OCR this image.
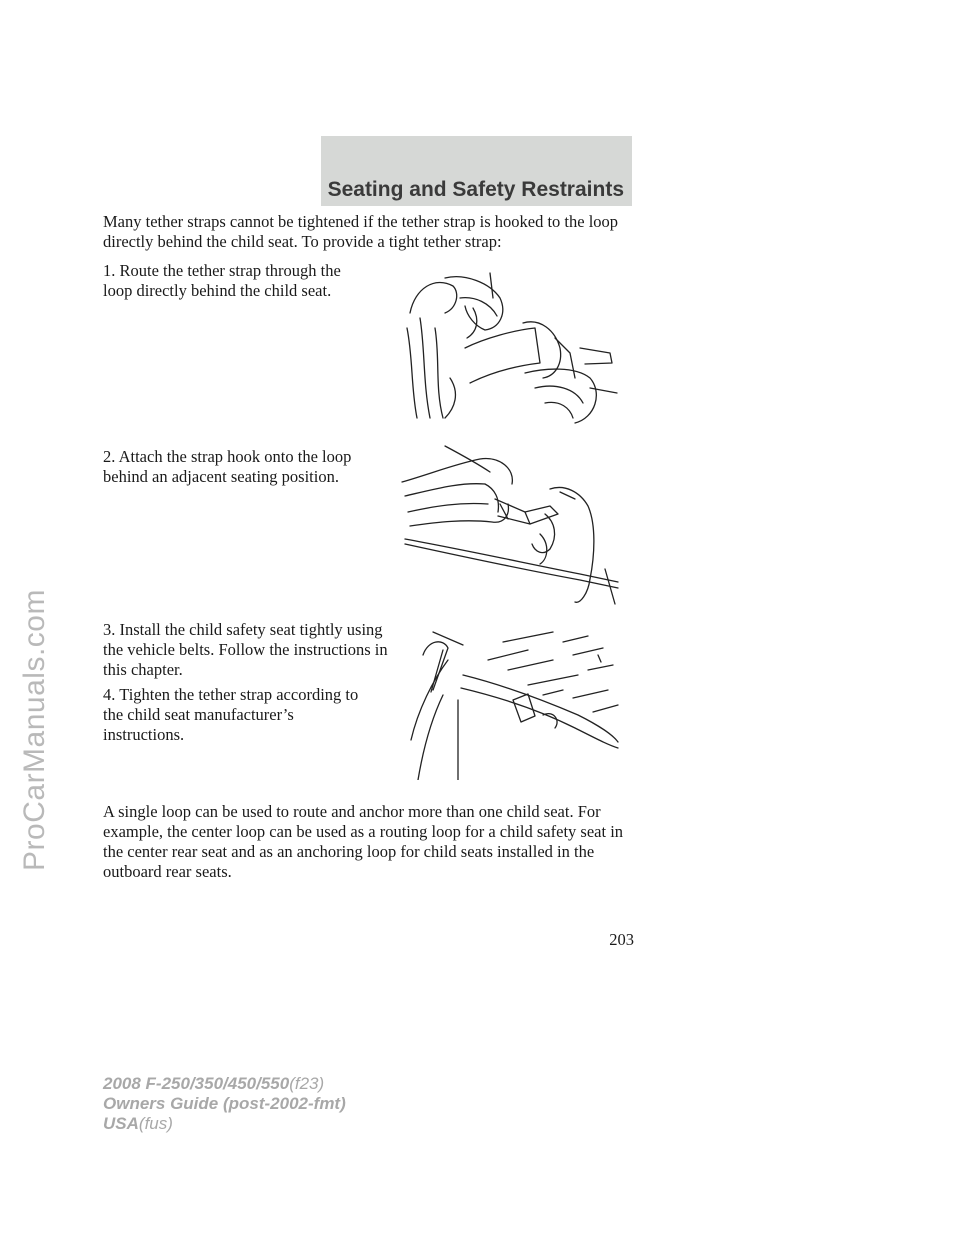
ProCarManuals.com
Seating and Safety Restraints

Many tether straps cannot be tightened if the tether strap is hooked to the loop directly behind the child seat. To provide a tight tether strap:

1. Route the tether strap through the loop directly behind the child seat.

2. Attach the strap hook onto the loop behind an adjacent seating position.

3. Install the child safety seat tightly using the vehicle belts. Follow the instructions in this chapter.

4. Tighten the tether strap according to the child seat manufacturer’s instructions.

A single loop can be used to route and anchor more than one child seat. For example, the center loop can be used as a routing loop for a child safety seat in the center rear seat and as an anchoring loop for child seats installed in the outboard rear seats.

203
2008 F-250/350/450/550(f23)
Owners Guide (post-2002-fmt)
USA(fus)
